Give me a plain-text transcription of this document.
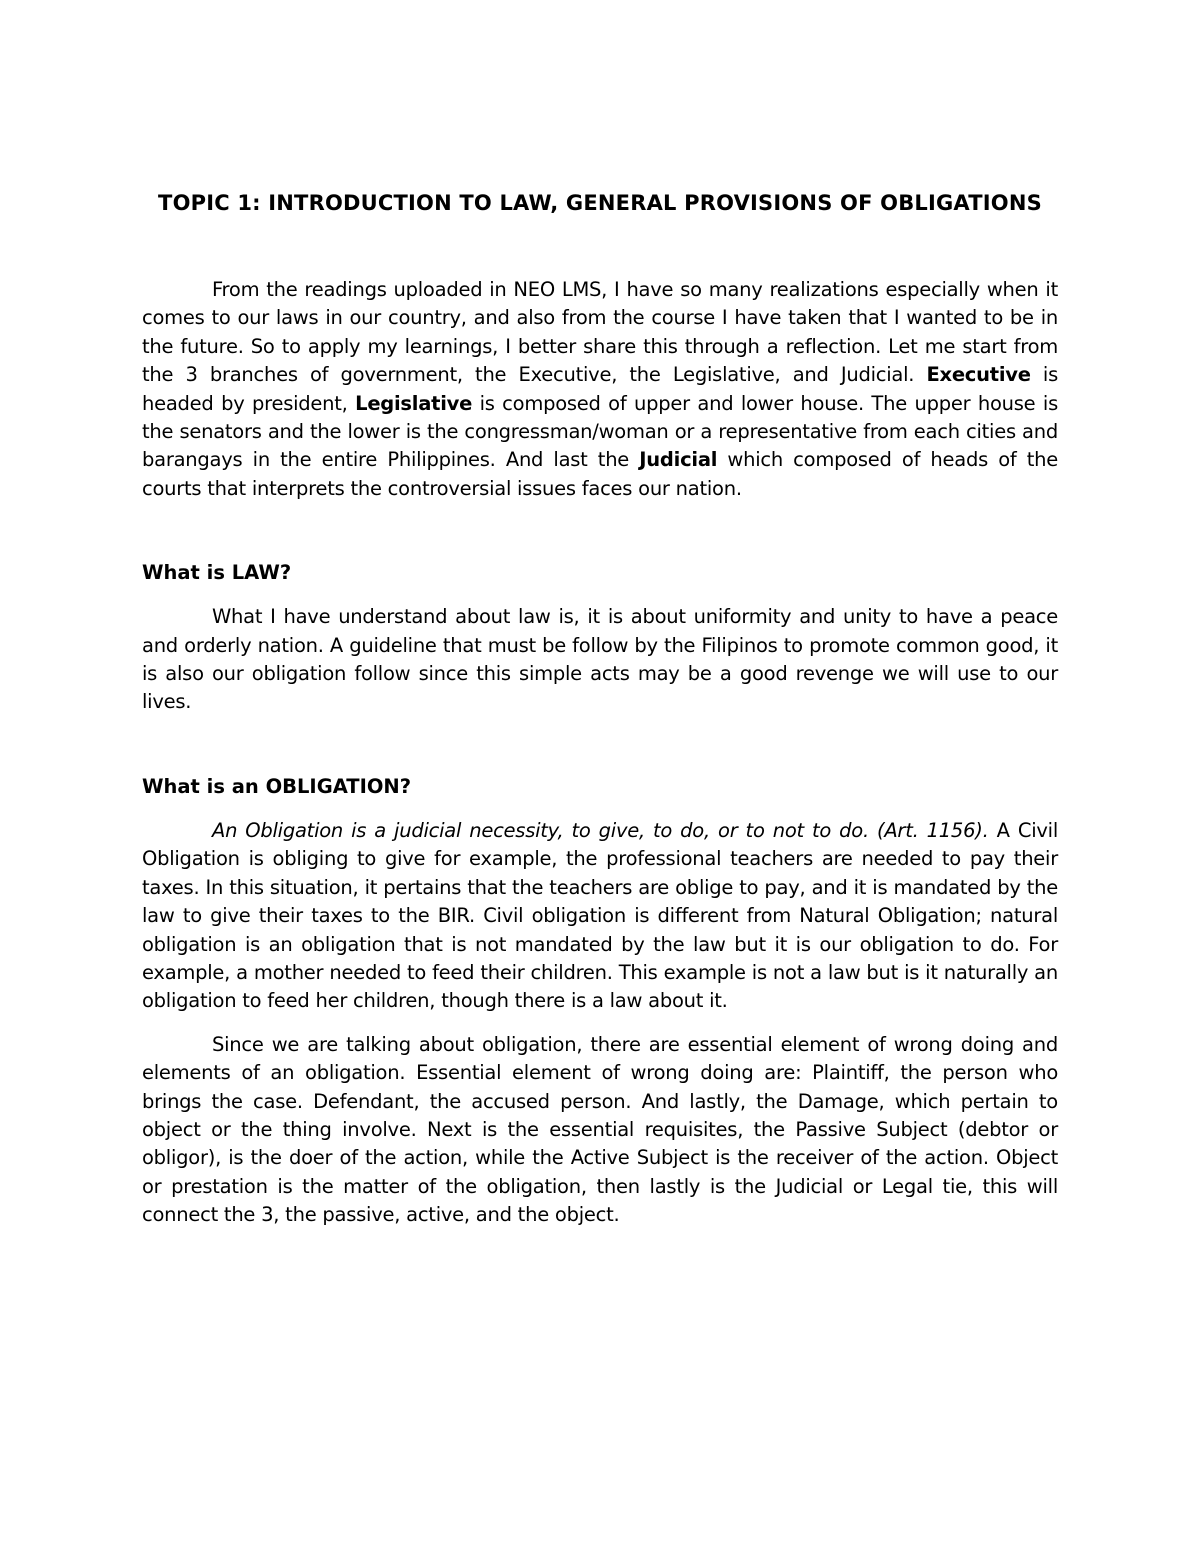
TOPIC 1: INTRODUCTION TO LAW, GENERAL PROVISIONS OF OBLIGATIONS

From the readings uploaded in NEO LMS, I have so many realizations especially when it comes to our laws in our country, and also from the course I have taken that I wanted to be in the future. So to apply my learnings, I better share this through a reflection. Let me start from the 3 branches of government, the Executive, the Legislative, and Judicial. Executive is headed by president, Legislative is composed of upper and lower house. The upper house is the senators and the lower is the congressman/woman or a representative from each cities and barangays in the entire Philippines. And last the Judicial which composed of heads of the courts that interprets the controversial issues faces our nation.

What is LAW?

What I have understand about law is, it is about uniformity and unity to have a peace and orderly nation. A guideline that must be follow by the Filipinos to promote common good, it is also our obligation follow since this simple acts may be a good revenge we will use to our lives.

What is an OBLIGATION?

An Obligation is a judicial necessity, to give, to do, or to not to do. (Art. 1156). A Civil Obligation is obliging to give for example, the professional teachers are needed to pay their taxes. In this situation, it pertains that the teachers are oblige to pay, and it is mandated by the law to give their taxes to the BIR. Civil obligation is different from Natural Obligation; natural obligation is an obligation that is not mandated by the law but it is our obligation to do. For example, a mother needed to feed their children. This example is not a law but is it naturally an obligation to feed her children, though there is a law about it.

Since we are talking about obligation, there are essential element of wrong doing and elements of an obligation. Essential element of wrong doing are: Plaintiff, the person who brings the case. Defendant, the accused person. And lastly, the Damage, which pertain to object or the thing involve. Next is the essential requisites, the Passive Subject (debtor or obligor), is the doer of the action, while the Active Subject is the receiver of the action. Object or prestation is the matter of the obligation, then lastly is the Judicial or Legal tie, this will connect the 3, the passive, active, and the object.
